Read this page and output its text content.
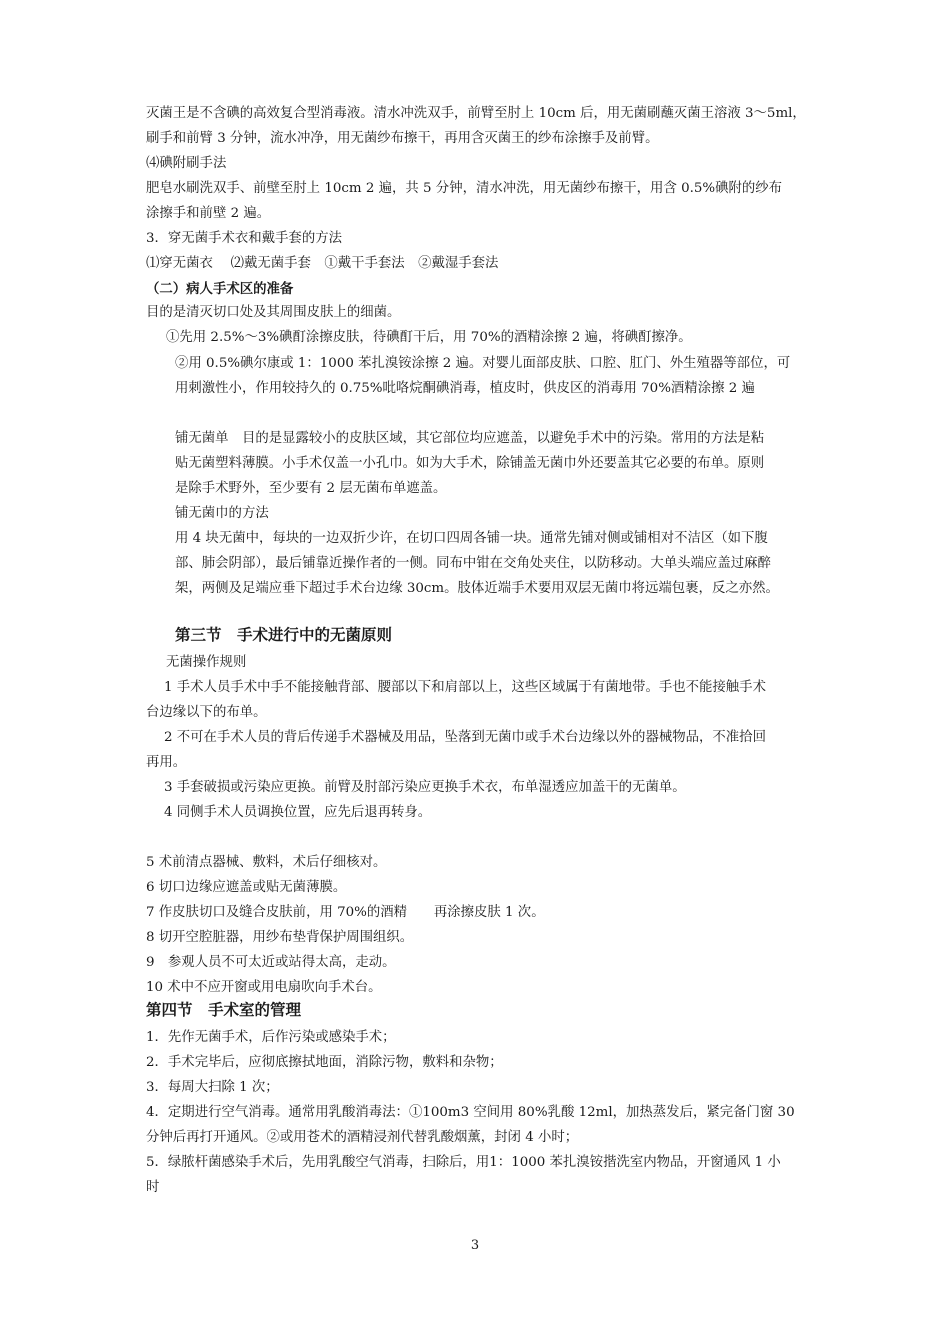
灭菌王是不含碘的高效复合型消毒液。清水冲洗双手，前臂至肘上 10cm 后，用无菌刷蘸灭菌王溶液 3～5ml，
刷手和前臂 3 分钟，流水冲净，用无菌纱布擦干，再用含灭菌王的纱布涂擦手及前臂。
⑷碘附刷手法
肥皂水刷洗双手、前壁至肘上 10cm 2 遍，共 5 分钟，清水冲洗，用无菌纱布擦干，用含 0.5%碘附的纱布
涂擦手和前壁 2 遍。
3．穿无菌手术衣和戴手套的方法
⑴穿无菌衣　 ⑵戴无菌手套　①戴干手套法　②戴湿手套法
（二）病人手术区的准备
目的是清灭切口处及其周围皮肤上的细菌。
①先用 2.5%～3%碘酊涂擦皮肤，待碘酊干后，用 70%的酒精涂擦 2 遍，将碘酊擦净。
②用 0.5%碘尔康或 1：1000 苯扎溴铵涂擦 2 遍。对婴儿面部皮肤、口腔、肛门、外生殖器等部位，可
用刺激性小，作用较持久的 0.75%吡咯烷酮碘消毒，植皮时，供皮区的消毒用 70%酒精涂擦 2 遍
铺无菌单　目的是显露较小的皮肤区域，其它部位均应遮盖，以避免手术中的污染。常用的方法是粘
贴无菌塑料薄膜。小手术仅盖一小孔巾。如为大手术，除铺盖无菌巾外还要盖其它必要的布单。原则
是除手术野外，至少要有 2 层无菌布单遮盖。
铺无菌巾的方法
用 4 块无菌中，每块的一边双折少许，在切口四周各铺一块。通常先铺对侧或铺相对不洁区（如下腹
部、肺会阴部），最后铺靠近操作者的一侧。同布中钳在交角处夹住，以防移动。大单头端应盖过麻醉
架，两侧及足端应垂下超过手术台边缘 30cm。肢体近端手术要用双层无菌巾将远端包裹，反之亦然。
第三节　手术进行中的无菌原则
无菌操作规则
1 手术人员手术中手不能接触背部、腰部以下和肩部以上，这些区域属于有菌地带。手也不能接触手术
台边缘以下的布单。
2 不可在手术人员的背后传递手术器械及用品，坠落到无菌巾或手术台边缘以外的器械物品，不准拾回
再用。
3 手套破损或污染应更换。前臂及肘部污染应更换手术衣，布单湿透应加盖干的无菌单。
4 同侧手术人员调换位置，应先后退再转身。
5 术前清点器械、敷料，术后仔细核对。
6 切口边缘应遮盖或贴无菌薄膜。
7 作皮肤切口及缝合皮肤前，用 70%的酒精　　再涂擦皮肤 1 次。
8 切开空腔脏器，用纱布垫背保护周围组织。
9　参观人员不可太近或站得太高，走动。
10 术中不应开窗或用电扇吹向手术台。
第四节　手术室的管理
1．先作无菌手术，后作污染或感染手术；
2．手术完毕后，应彻底擦拭地面，消除污物，敷料和杂物；
3．每周大扫除 1 次；
4．定期进行空气消毒。通常用乳酸消毒法：①100m3 空间用 80%乳酸 12ml，加热蒸发后，紧完备门窗 30
分钟后再打开通风。②或用苍术的酒精浸剂代替乳酸烟薰，封闭 4 小时；
5．绿脓杆菌感染手术后，先用乳酸空气消毒，扫除后，用1：1000 苯扎溴铵揩洗室内物品，开窗通风 1 小
时
3
